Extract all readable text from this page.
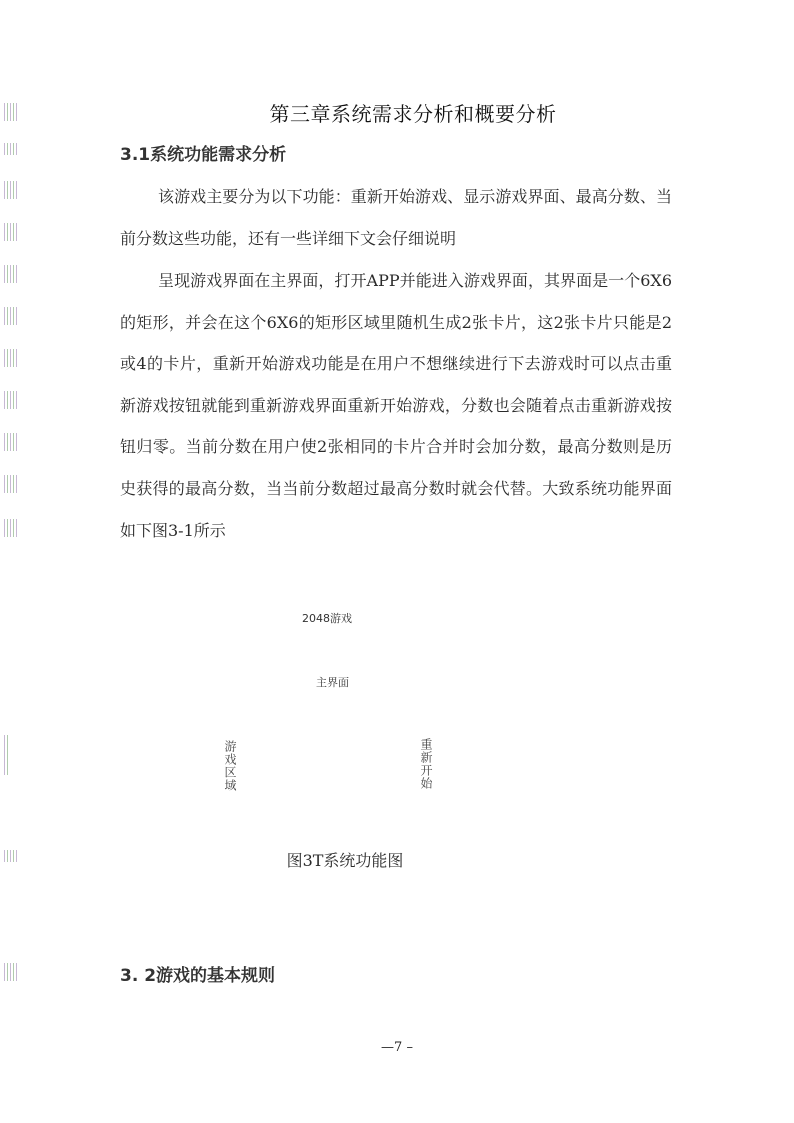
第三章系统需求分析和概要分析
3.1系统功能需求分析
该游戏主要分为以下功能：重新开始游戏、显示游戏界面、最高分数、当前分数这些功能，还有一些详细下文会仔细说明
呈现游戏界面在主界面，打开APP并能进入游戏界面，其界面是一个6X6的矩形，并会在这个6X6的矩形区域里随机生成2张卡片，这2张卡片只能是2或4的卡片，重新开始游戏功能是在用户不想继续进行下去游戏时可以点击重新游戏按钮就能到重新游戏界面重新开始游戏，分数也会随着点击重新游戏按钮归零。当前分数在用户使2张相同的卡片合并时会加分数，最高分数则是历史获得的最高分数，当当前分数超过最高分数时就会代替。大致系统功能界面如下图3-1所示
2048游戏
主界面
游戏区域	重新开始
图3T系统功能图
3. 2游戏的基本规则
—7 –
